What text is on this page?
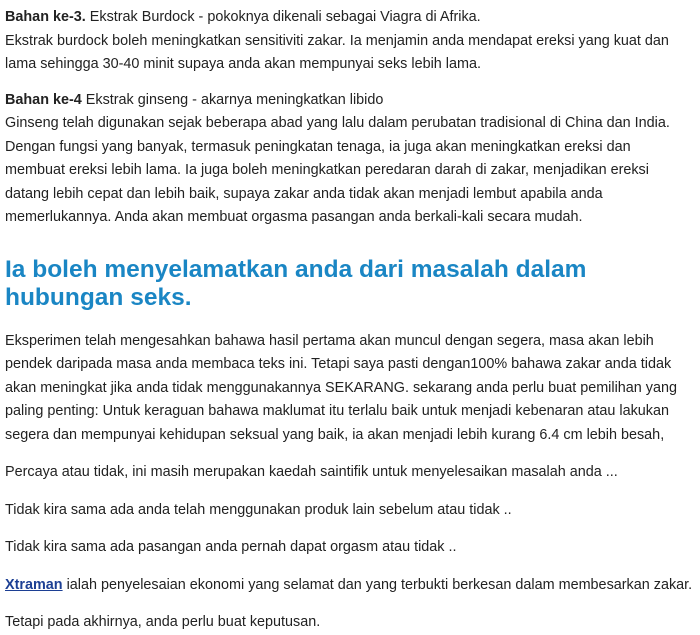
Bahan ke-3. Ekstrak Burdock - pokoknya dikenali sebagai Viagra di Afrika.

Ekstrak burdock boleh meningkatkan sensitiviti zakar. Ia menjamin anda mendapat ereksi yang kuat dan lama sehingga 30-40 minit supaya anda akan mempunyai seks lebih lama.

Bahan ke-4 Ekstrak ginseng - akarnya meningkatkan libido

Ginseng telah digunakan sejak beberapa abad yang lalu dalam perubatan tradisional di China dan India. Dengan fungsi yang banyak, termasuk peningkatan tenaga, ia juga akan meningkatkan ereksi dan membuat ereksi lebih lama. Ia juga boleh meningkatkan peredaran darah di zakar, menjadikan ereksi datang lebih cepat dan lebih baik, supaya zakar anda tidak akan menjadi lembut apabila anda memerlukannya. Anda akan membuat orgasma pasangan anda berkali-kali secara mudah.

Ia boleh menyelamatkan anda dari masalah dalam hubungan seks.

Eksperimen telah mengesahkan bahawa hasil pertama akan muncul dengan segera, masa akan lebih pendek daripada masa anda membaca teks ini. Tetapi saya pasti dengan100% bahawa zakar anda tidak akan meningkat jika anda tidak menggunakannya SEKARANG. sekarang anda perlu buat pemilihan yang paling penting: Untuk keraguan bahawa maklumat itu terlalu baik untuk menjadi kebenaran atau lakukan segera dan mempunyai kehidupan seksual yang baik, ia akan menjadi lebih kurang 6.4 cm lebih besah,

Percaya atau tidak, ini masih merupakan kaedah saintifik untuk menyelesaikan masalah anda ...

Tidak kira sama ada anda telah menggunakan produk lain sebelum atau tidak ..

Tidak kira sama ada pasangan anda pernah dapat orgasm atau tidak ..

Xtraman ialah penyelesaian ekonomi yang selamat dan yang terbukti berkesan dalam membesarkan zakar.

Tetapi pada akhirnya, anda perlu buat keputusan.
